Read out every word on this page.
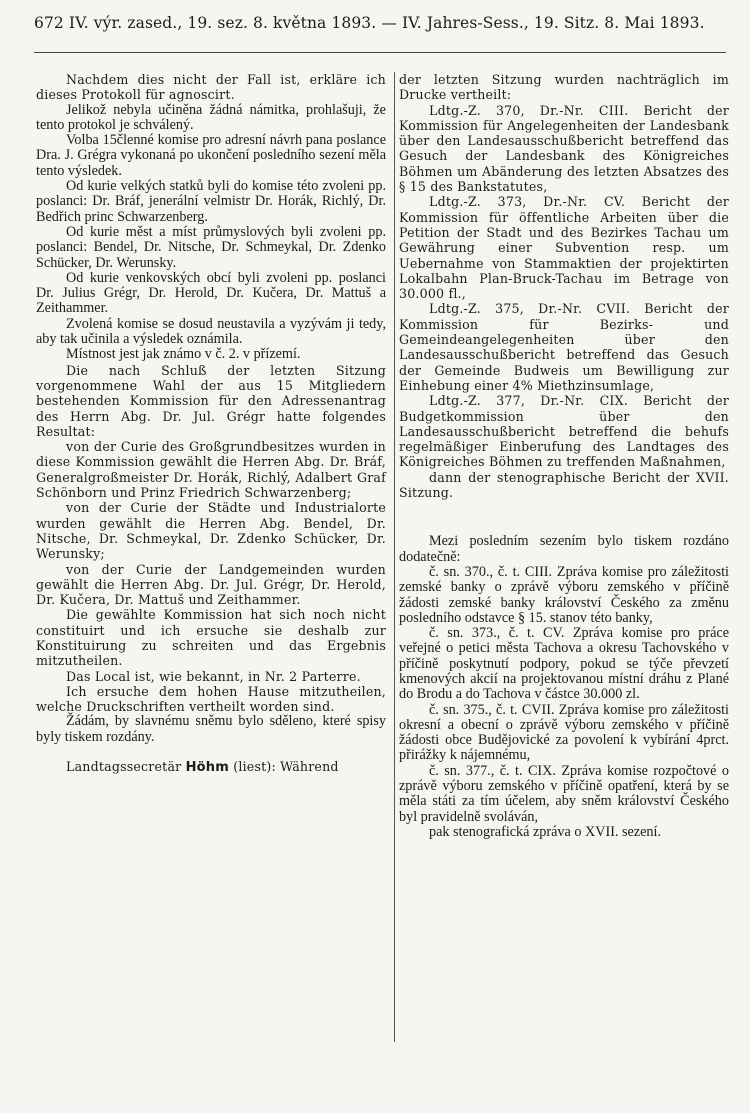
672 IV. výr. zased., 19. sez. 8. května 1893. — IV. Jahres-Sess., 19. Sitz. 8. Mai 1893.

Nachdem dies nicht der Fall ist, erkläre ich dieses Protokoll für agnoscirt.

Jelikož nebyla učiněna žádná námitka, prohlašuji, že tento protokol je schválený.

Volba 15členné komise pro adresní návrh pana poslance Dra. J. Grégra vykonaná po ukončení posledního sezení měla tento výsledek.

Od kurie velkých statků byli do komise této zvoleni pp. poslanci: Dr. Bráf, jenerální velmistr Dr. Horák, Richlý, Dr. Bedřich princ Schwarzenberg.

Od kurie měst a míst průmyslových byli zvoleni pp. poslanci: Bendel, Dr. Nitsche, Dr. Schmeykal, Dr. Zdenko Schücker, Dr. Werunsky.

Od kurie venkovských obcí byli zvoleni pp. poslanci Dr. Julius Grégr, Dr. Herold, Dr. Kučera, Dr. Mattuš a Zeithammer.

Zvolená komise se dosud neustavila a vyzývám ji tedy, aby tak učinila a výsledek oznámila.

Místnost jest jak známo v č. 2. v přízemí.

Die nach Schluß der letzten Sitzung vorgenommene Wahl der aus 15 Mitgliedern bestehenden Kommission für den Adressenantrag des Herrn Abg. Dr. Jul. Grégr hatte folgendes Resultat:

von der Curie des Großgrundbesitzes wurden in diese Kommission gewählt die Herren Abg. Dr. Bráf, Generalgroßmeister Dr. Horák, Richlý, Adalbert Graf Schönborn und Prinz Friedrich Schwarzenberg;

von der Curie der Städte und Industrialorte wurden gewählt die Herren Abg. Bendel, Dr. Nitsche, Dr. Schmeykal, Dr. Zdenko Schücker, Dr. Werunsky;

von der Curie der Landgemeinden wurden gewählt die Herren Abg. Dr. Jul. Grégr, Dr. Herold, Dr. Kučera, Dr. Mattuš und Zeithammer.

Die gewählte Kommission hat sich noch nicht constituirt und ich ersuche sie deshalb zur Konstituirung zu schreiten und das Ergebnis mitzutheilen.

Das Local ist, wie bekannt, in Nr. 2 Parterre.

Ich ersuche dem hohen Hause mitzutheilen, welche Druckschriften vertheilt worden sind.

Žádám, by slavnému sněmu bylo sděleno, které spisy byly tiskem rozdány.

Landtagssecretär Höhm (liest): Während

der letzten Sitzung wurden nachträglich im Drucke vertheilt:

Ldtg.-Z. 370, Dr.-Nr. CIII. Bericht der Kommission für Angelegenheiten der Landesbank über den Landesausschußbericht betreffend das Gesuch der Landesbank des Königreiches Böhmen um Abänderung des letzten Absatzes des § 15 des Bankstatutes,

Ldtg.-Z. 373, Dr.-Nr. CV. Bericht der Kommission für öffentliche Arbeiten über die Petition der Stadt und des Bezirkes Tachau um Gewährung einer Subvention resp. um Uebernahme von Stammaktien der projektirten Lokalbahn Plan-Bruck-Tachau im Betrage von 30.000 fl.,

Ldtg.-Z. 375, Dr.-Nr. CVII. Bericht der Kommission für Bezirks- und Gemeindeangelegenheiten über den Landesausschußbericht betreffend das Gesuch der Gemeinde Budweis um Bewilligung zur Einhebung einer 4% Miethzinsumlage,

Ldtg.-Z. 377, Dr.-Nr. CIX. Bericht der Budgetkommission über den Landesausschußbericht betreffend die behufs regelmäßiger Einberufung des Landtages des Königreiches Böhmen zu treffenden Maßnahmen,

dann der stenographische Bericht der XVII. Sitzung.

Mezi posledním sezením bylo tiskem rozdáno dodatečně:

č. sn. 370., č. t. CIII. Zpráva komise pro záležitosti zemské banky o zprávě výboru zemského v příčině žádosti zemské banky království Českého za změnu posledního odstavce § 15. stanov této banky,

č. sn. 373., č. t. CV. Zpráva komise pro práce veřejné o petici města Tachova a okresu Tachovského v příčině poskytnutí podpory, pokud se týče převzetí kmenových akcií na projektovanou místní dráhu z Plané do Brodu a do Tachova v částce 30.000 zl.

č. sn. 375., č. t. CVII. Zpráva komise pro záležitosti okresní a obecní o zprávě výboru zemského v příčině žádosti obce Budějovické za povolení k vybírání 4prct. přirážky k nájemnému,

č. sn. 377., č. t. CIX. Zpráva komise rozpočtové o zprávě výboru zemského v příčině opatření, která by se měla státi za tím účelem, aby sněm království Českého byl pravidelně svoláván,

pak stenografická zpráva o XVII. sezení.
